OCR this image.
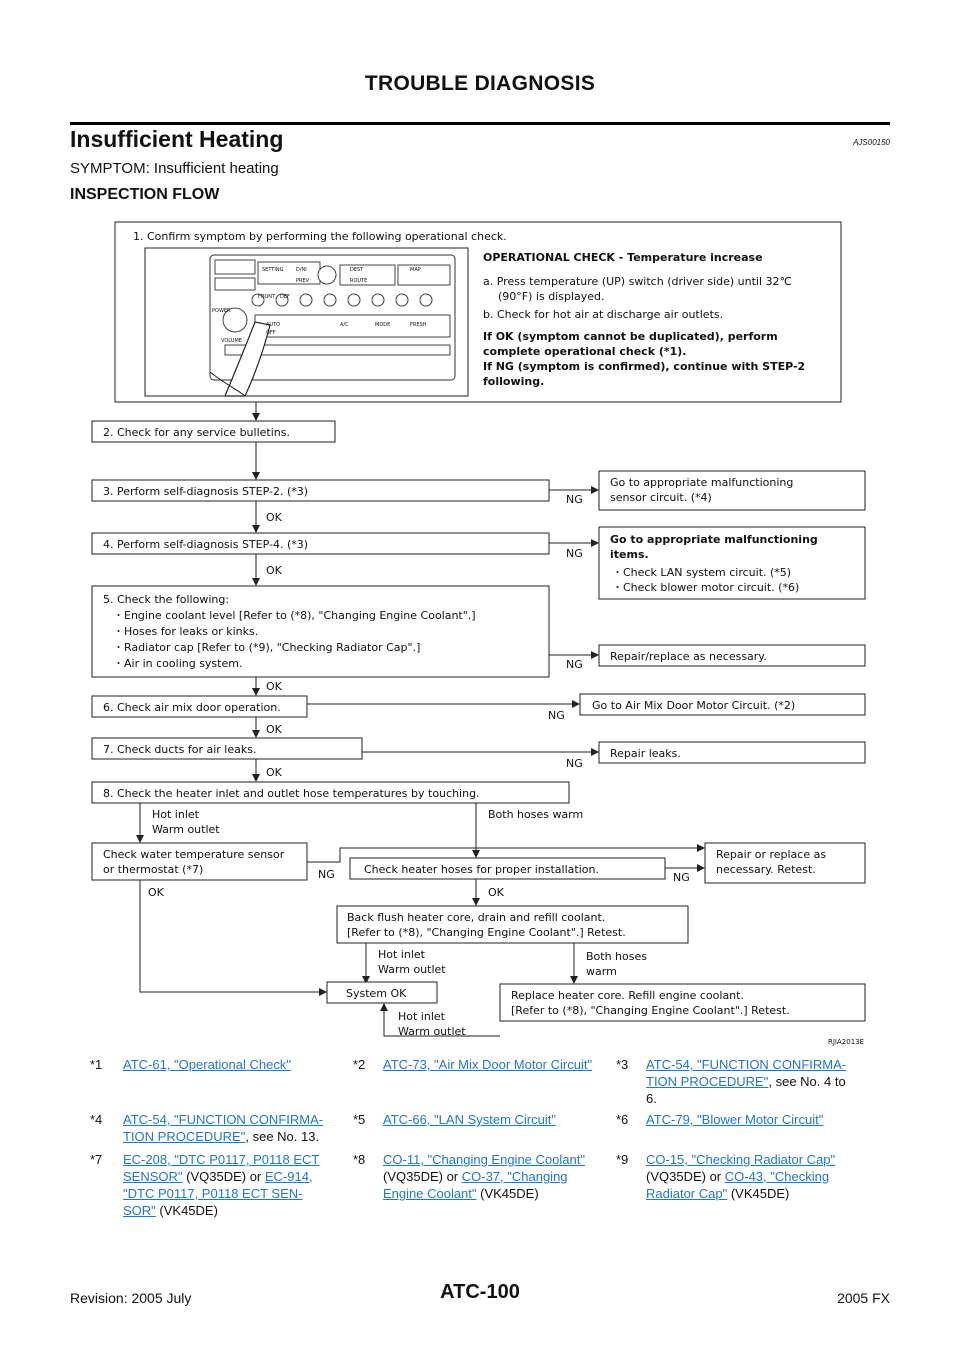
TROUBLE DIAGNOSIS
Insufficient Heating	AJS00150
SYMPTOM: Insufficient heating
INSPECTION FLOW
1. Confirm symptom by performing the following operational check.
SETTING	D/NI	DEST	MAP
PREV	ROUTE
FRONT DEF
POWER
AUTO
OFF
A/C	MODE	FRESH
VOLUME
OPERATIONAL CHECK - Temperature increase
a. Press temperature (UP) switch (driver side) until 32℃
(90°F) is displayed.
b. Check for hot air at discharge air outlets.
If OK (symptom cannot be duplicated), perform
complete operational check (*1).
If NG (symptom is confirmed), continue with STEP-2
following.
2. Check for any service bulletins.
3. Perform self-diagnosis STEP-2. (*3)
NG
Go to appropriate malfunctioning
sensor circuit. (*4)
OK
4. Perform self-diagnosis STEP-4. (*3)
NG
Go to appropriate malfunctioning
items.
・Check LAN system circuit. (*5)
・Check blower motor circuit. (*6)
OK
5. Check the following:
・Engine coolant level [Refer to (*8), "Changing Engine Coolant".]
・Hoses for leaks or kinks.
・Radiator cap [Refer to (*9), "Checking Radiator Cap".]
・Air in cooling system.	NG
Repair/replace as necessary.
OK
6. Check air mix door operation.
NG
Go to Air Mix Door Motor Circuit. (*2)
OK
7. Check ducts for air leaks.
NG
Repair leaks.
OK
8. Check the heater inlet and outlet hose temperatures by touching.
Hot inlet
Warm outlet
Both hoses warm
Check water temperature sensor
or thermostat (*7)	NG	Check heater hoses for proper installation.
NG
Repair or replace as
necessary. Retest.
OK
OK
Back flush heater core, drain and refill coolant.
[Refer to (*8), "Changing Engine Coolant".] Retest.
Hot inlet
Warm outlet
Both hoses
warm
System OK	Replace heater core. Refill engine coolant.
[Refer to (*8), "Changing Engine Coolant".] Retest.
Hot inlet
Warm outlet
RJIA2013E
*1 ATC-61, "Operational Check"	*2 ATC-73, "Air Mix Door Motor Circuit"	*3 ATC-54, "FUNCTION CONFIRMA-
TION PROCEDURE", see No. 4 to
6.
*4 ATC-54, "FUNCTION CONFIRMA-
TION PROCEDURE", see No. 13.
*5 ATC-66, "LAN System Circuit"	*6 ATC-79, "Blower Motor Circuit"
*7 EC-208, "DTC P0117, P0118 ECT
SENSOR" (VQ35DE) or EC-914,
"DTC P0117, P0118 ECT SEN-
SOR" (VK45DE)
*8 CO-11, "Changing Engine Coolant"
(VQ35DE) or CO-37, "Changing
Engine Coolant" (VK45DE)
*9 CO-15, "Checking Radiator Cap"
(VQ35DE) or CO-43, "Checking
Radiator Cap" (VK45DE)
Revision: 2005 July	ATC-100	2005 FX
